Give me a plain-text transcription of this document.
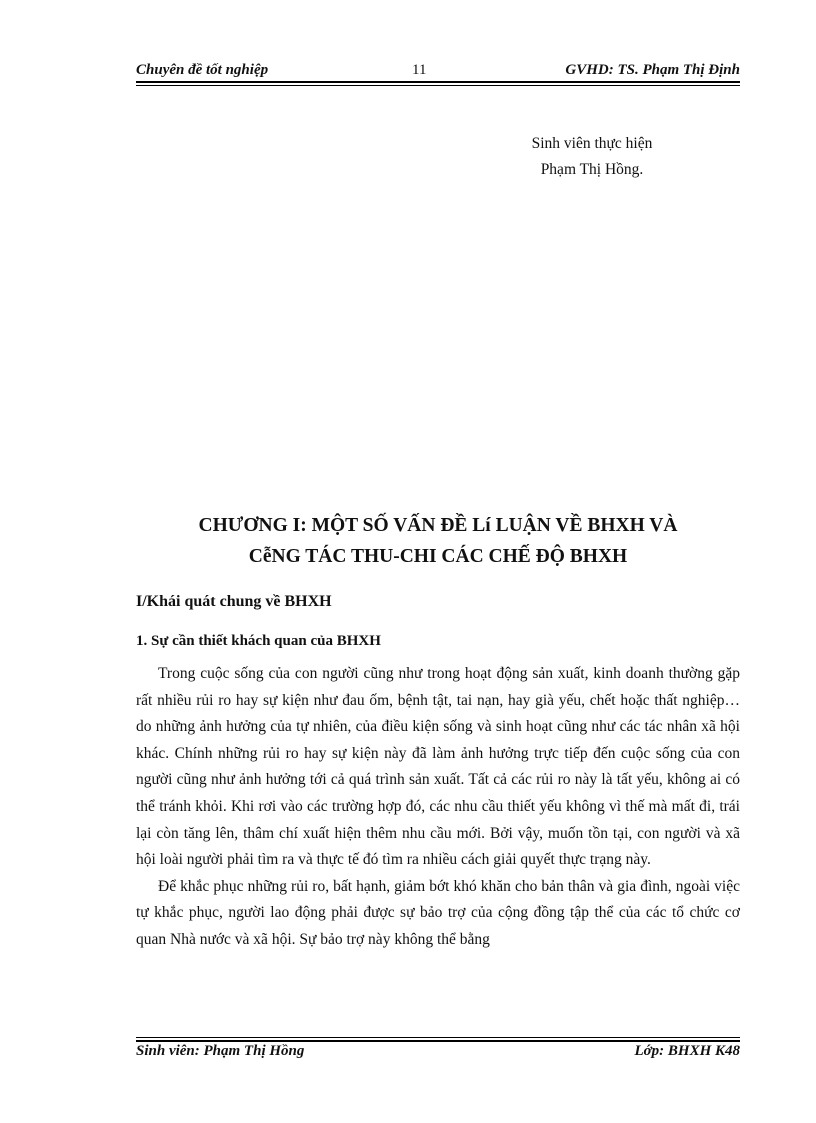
Chuyên đề tốt nghiệp	11	GVHD: TS. Phạm Thị Định
Sinh viên thực hiện
Phạm Thị Hồng.
CHƯƠNG I: MỘT SỐ VẤN ĐỀ Lí LUẬN VỀ BHXH VÀ
CễNG TÁC THU-CHI CÁC CHẾ ĐỘ BHXH
I/Khái quát chung về BHXH
1. Sự cần thiết khách quan của BHXH

Trong cuộc sống của con người cũng như trong hoạt động sản xuất, kinh doanh thường gặp rất nhiều rủi ro hay sự kiện như đau ốm, bệnh tật, tai nạn, hay già yếu, chết hoặc thất nghiệp… do những ảnh hưởng của tự nhiên, của điều kiện sống và sinh hoạt cũng như các tác nhân xã hội khác. Chính những rủi ro hay sự kiện này đã làm ảnh hưởng trực tiếp đến cuộc sống của con người cũng như ảnh hưởng tới cả quá trình sản xuất. Tất cả các rủi ro này là tất yếu, không ai có thể tránh khỏi. Khi rơi vào các trường hợp đó, các nhu cầu thiết yếu không vì thế mà mất đi, trái lại còn tăng lên, thâm chí xuất hiện thêm nhu cầu mới. Bởi vậy, muốn tồn tại, con người và xã hội loài người phải tìm ra và thực tế đó tìm ra nhiều cách giải quyết thực trạng này.

Để khắc phục những rủi ro, bất hạnh, giảm bớt khó khăn cho bản thân và gia đình, ngoài việc tự khắc phục, người lao động phải được sự bảo trợ của cộng đồng tập thể của các tổ chức cơ quan Nhà nước và xã hội. Sự bảo trợ này không thể bằng

Sinh viên: Phạm Thị Hồng	Lớp: BHXH K48
